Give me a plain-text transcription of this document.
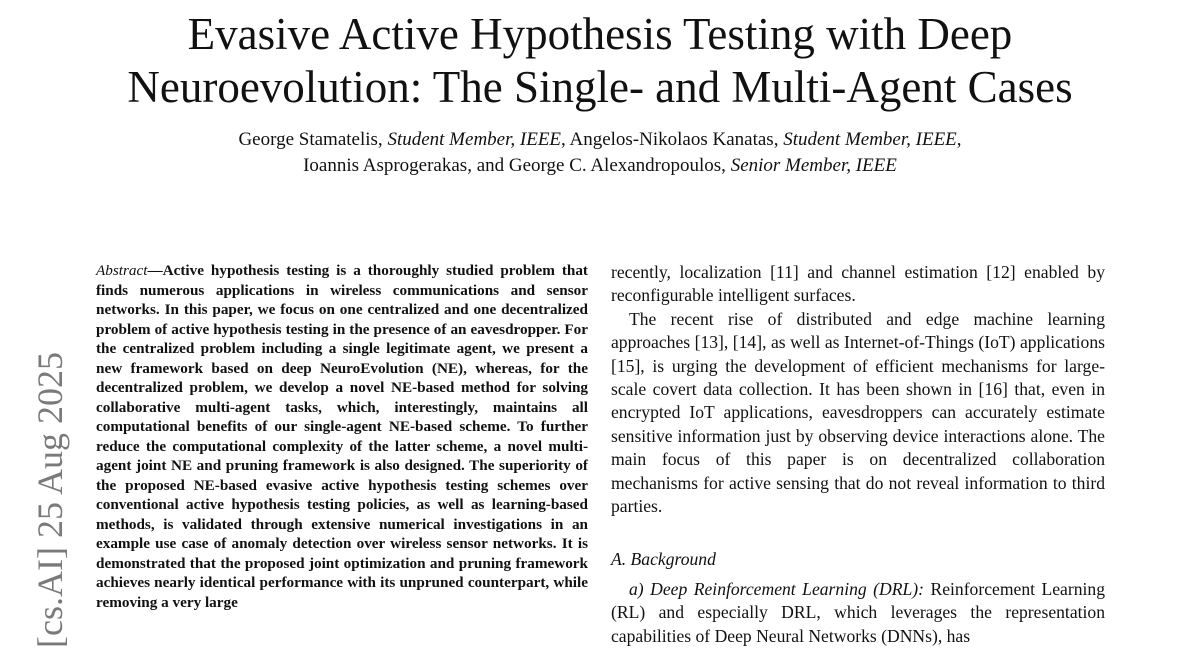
Evasive Active Hypothesis Testing with Deep
Neuroevolution: The Single- and Multi-Agent Cases
George Stamatelis, Student Member, IEEE, Angelos-Nikolaos Kanatas, Student Member, IEEE,
Ioannis Asprogerakas, and George C. Alexandropoulos, Senior Member, IEEE
[cs.AI] 25 Aug 2025

Abstract—Active hypothesis testing is a thoroughly studied problem that finds numerous applications in wireless communications and sensor networks. In this paper, we focus on one centralized and one decentralized problem of active hypothesis testing in the presence of an eavesdropper. For the centralized problem including a single legitimate agent, we present a new framework based on deep NeuroEvolution (NE), whereas, for the decentralized problem, we develop a novel NE-based method for solving collaborative multi-agent tasks, which, interestingly, maintains all computational benefits of our single-agent NE-based scheme. To further reduce the computational complexity of the latter scheme, a novel multi-agent joint NE and pruning framework is also designed. The superiority of the proposed NE-based evasive active hypothesis testing schemes over conventional active hypothesis testing policies, as well as learning-based methods, is validated through extensive numerical investigations in an example use case of anomaly detection over wireless sensor networks. It is demonstrated that the proposed joint optimization and pruning framework achieves nearly identical performance with its unpruned counterpart, while removing a very large

recently, localization [11] and channel estimation [12] enabled by reconfigurable intelligent surfaces.

The recent rise of distributed and edge machine learning approaches [13], [14], as well as Internet-of-Things (IoT) applications [15], is urging the development of efficient mechanisms for large-scale covert data collection. It has been shown in [16] that, even in encrypted IoT applications, eavesdroppers can accurately estimate sensitive information just by observing device interactions alone. The main focus of this paper is on decentralized collaboration mechanisms for active sensing that do not reveal information to third parties.

A. Background

a) Deep Reinforcement Learning (DRL): Reinforcement Learning (RL) and especially DRL, which leverages the representation capabilities of Deep Neural Networks (DNNs), has
